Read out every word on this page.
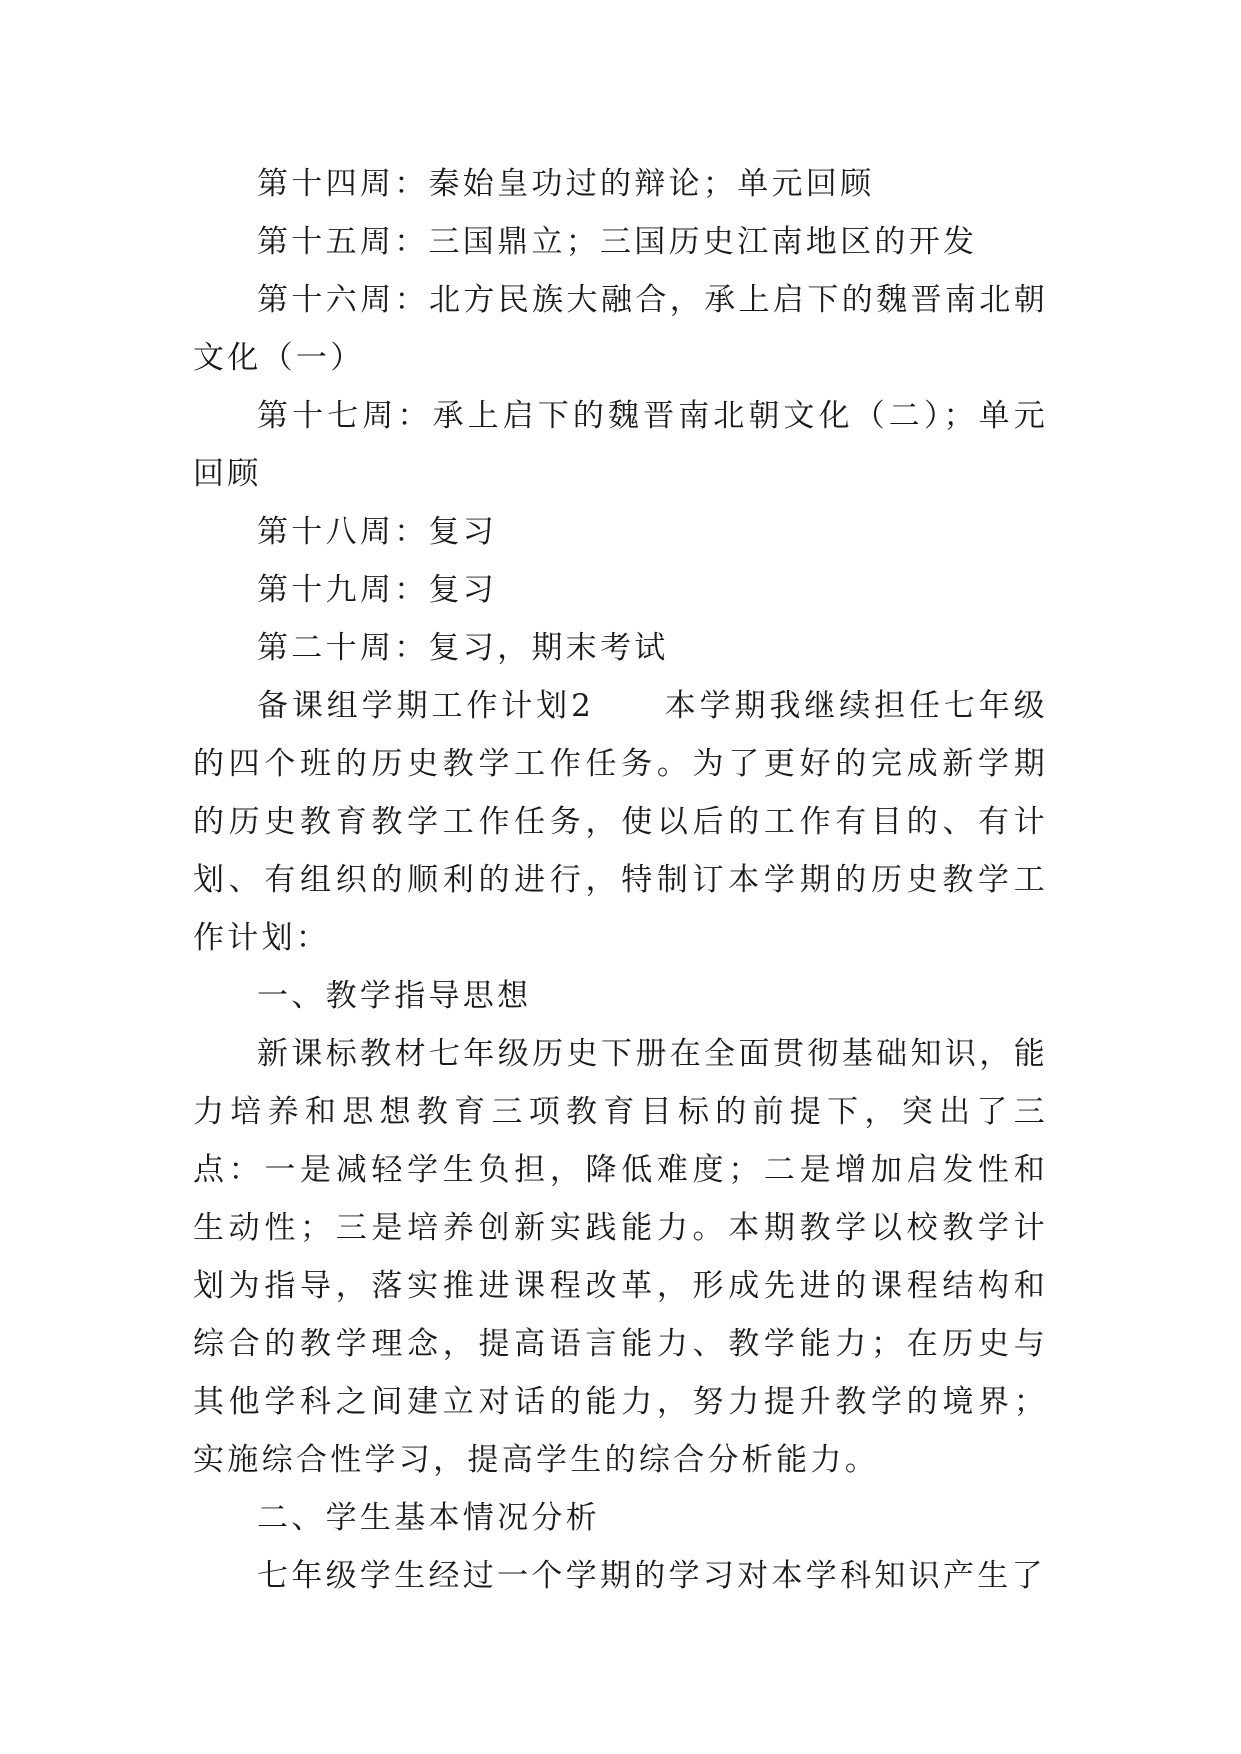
第十四周：秦始皇功过的辩论；单元回顾

第十五周：三国鼎立；三国历史江南地区的开发

第十六周：北方民族大融合，承上启下的魏晋南北朝文化（一）

第十七周：承上启下的魏晋南北朝文化（二）；单元回顾

第十八周：复习

第十九周：复习

第二十周：复习，期末考试

备课组学期工作计划2 本学期我继续担任七年级的四个班的历史教学工作任务。为了更好的完成新学期的历史教育教学工作任务，使以后的工作有目的、有计划、有组织的顺利的进行，特制订本学期的历史教学工作计划：

一、教学指导思想

新课标教材七年级历史下册在全面贯彻基础知识，能力培养和思想教育三项教育目标的前提下，突出了三点：一是减轻学生负担，降低难度；二是增加启发性和生动性；三是培养创新实践能力。本期教学以校教学计划为指导，落实推进课程改革，形成先进的课程结构和综合的教学理念，提高语言能力、教学能力；在历史与其他学科之间建立对话的能力，努力提升教学的境界；实施综合性学习，提高学生的综合分析能力。

二、学生基本情况分析

七年级学生经过一个学期的学习对本学科知识产生了
